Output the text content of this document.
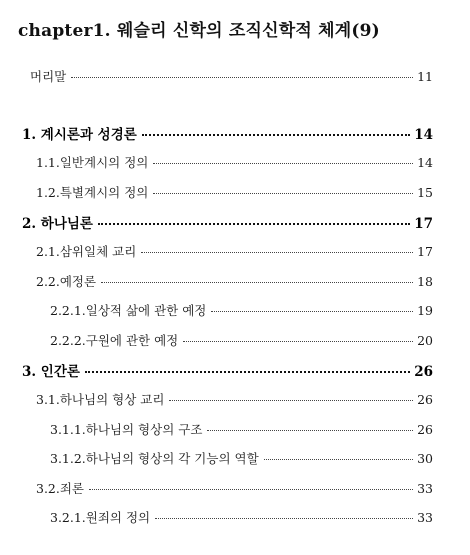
chapter1. 웨슬리 신학의 조직신학적 체계(9)
머리말	11
1. 계시론과 성경론	14
1.1.일반계시의 정의	14
1.2.특별계시의 정의	15
2. 하나님론	17
2.1.삼위일체 교리	17
2.2.예정론	18
2.2.1.일상적 삶에 관한 예정	19
2.2.2.구원에 관한 예정	20
3. 인간론	26
3.1.하나님의 형상 교리	26
3.1.1.하나님의 형상의 구조	26
3.1.2.하나님의 형상의 각 기능의 역할	30
3.2.죄론	33
3.2.1.원죄의 정의	33
